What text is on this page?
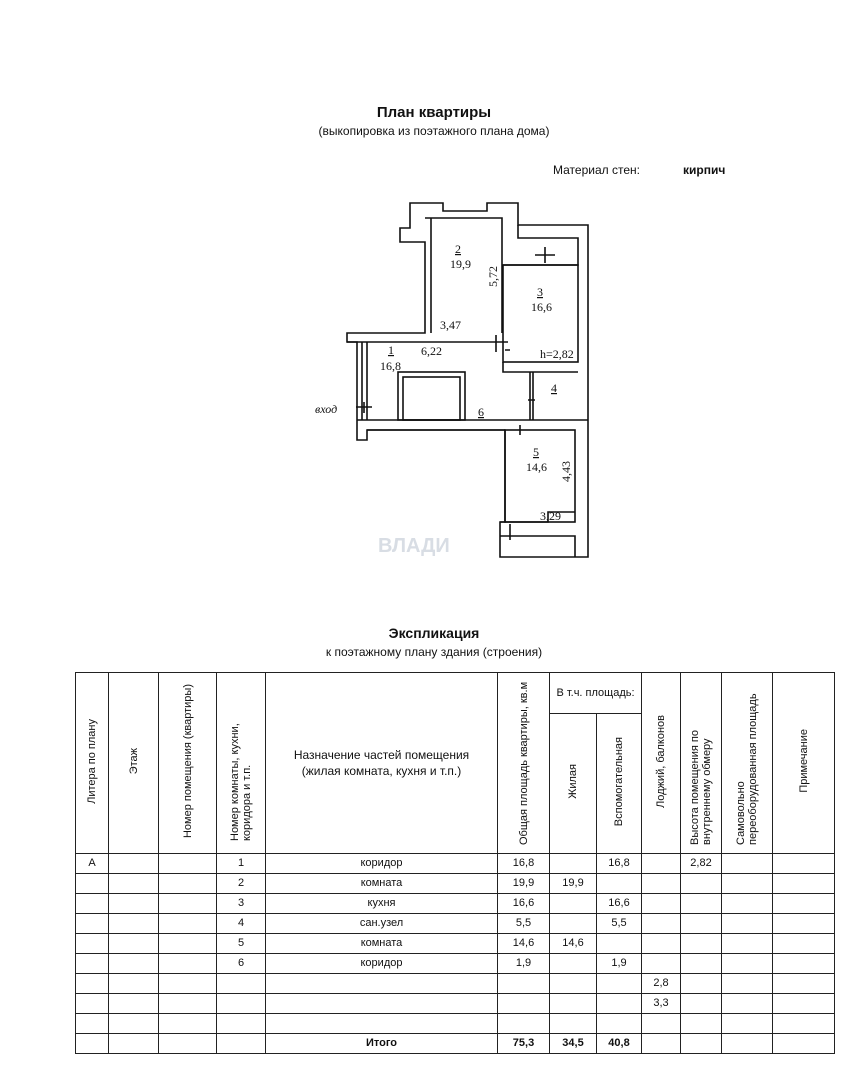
План квартиры
(выкопировка из поэтажного плана дома)
Материал стен:	кирпич
ВЛАДИ
2
19,9
5,72
3
16,6
3,47
1 6,22
16,8
h=2,82
4
6
вход
5
14,6 4,43
3,29
Экспликация
к поэтажному плану здания (строения)
Литера по плану	Этаж	Номер помещения (квартиры)	Номер комнаты, кухни, коридора и т.п.	Назначение частей помещения (жилая комната, кухня и т.п.)	Общая площадь квартиры, кв.м	В т.ч. площадь:		Лоджий, балконов	Высота помещения по внутреннему обмеру	Самовольно переоборудованная площадь	Примечание
						Жилая	Вспомогательная				
А			1	коридор	16,8		16,8		2,82		
			2	комната	19,9	19,9					
			3	кухня	16,6		16,6				
			4	сан.узел	5,5		5,5				
			5	комната	14,6	14,6					
			6	коридор	1,9		1,9				
								2,8			
								3,3			

				Итого	75,3	34,5	40,8				
